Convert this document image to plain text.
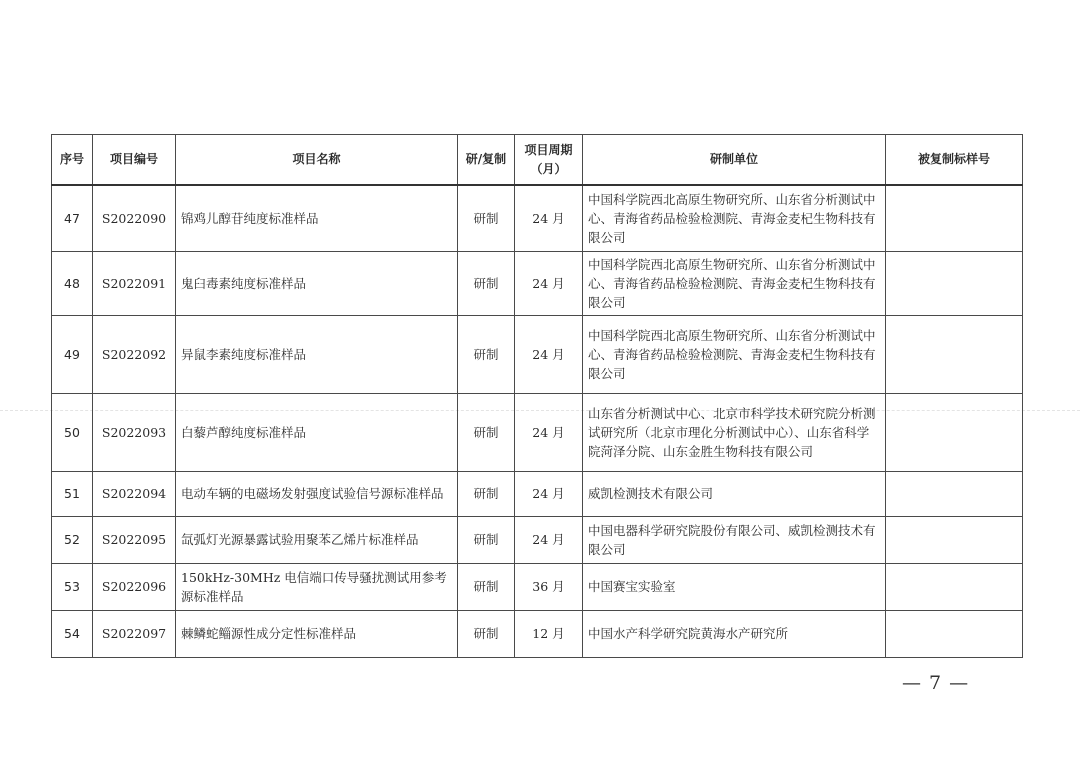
序号	项目编号	项目名称	研/复制	项目周期（月）	研制单位	被复制标样号
47	S2022090	锦鸡儿醇苷纯度标准样品	研制	24 月	中国科学院西北高原生物研究所、山东省分析测试中心、青海省药品检验检测院、青海金麦杞生物科技有限公司	
48	S2022091	鬼臼毒素纯度标准样品	研制	24 月	中国科学院西北高原生物研究所、山东省分析测试中心、青海省药品检验检测院、青海金麦杞生物科技有限公司	
49	S2022092	异鼠李素纯度标准样品	研制	24 月	中国科学院西北高原生物研究所、山东省分析测试中心、青海省药品检验检测院、青海金麦杞生物科技有限公司	
50	S2022093	白藜芦醇纯度标准样品	研制	24 月	山东省分析测试中心、北京市科学技术研究院分析测试研究所（北京市理化分析测试中心）、山东省科学院菏泽分院、山东金胜生物科技有限公司	
51	S2022094	电动车辆的电磁场发射强度试验信号源标准样品	研制	24 月	威凯检测技术有限公司	
52	S2022095	氙弧灯光源暴露试验用聚苯乙烯片标准样品	研制	24 月	中国电器科学研究院股份有限公司、威凯检测技术有限公司	
53	S2022096	150kHz-30MHz 电信端口传导骚扰测试用参考源标准样品	研制	36 月	中国赛宝实验室	
54	S2022097	棘鳞蛇鲻源性成分定性标准样品	研制	12 月	中国水产科学研究院黄海水产研究所	
— 7 —
